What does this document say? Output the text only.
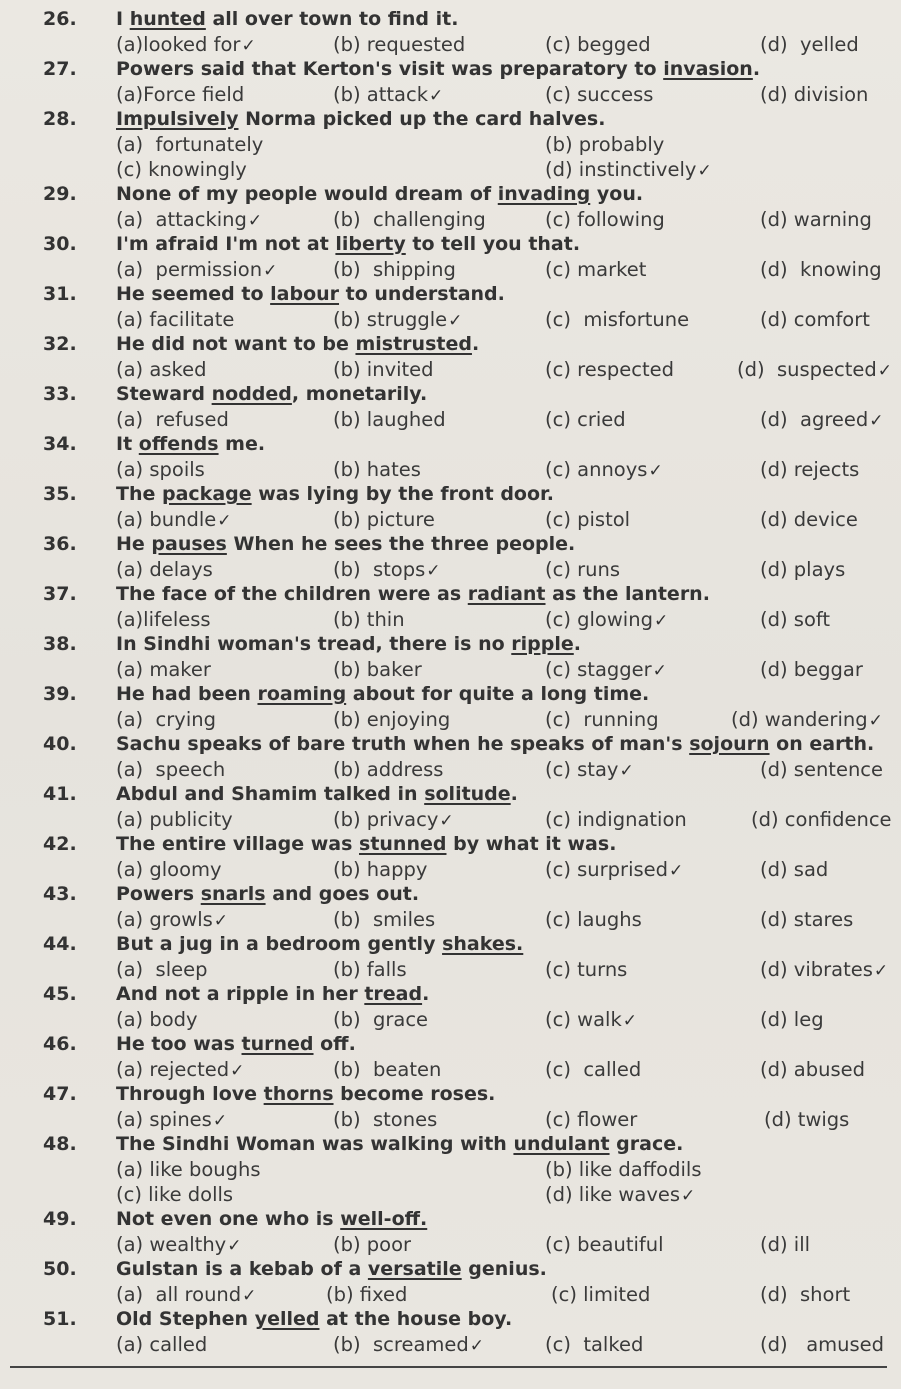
26. I hunted all over town to find it.
(a)looked for✓	(b) requested	(c) begged	(d)  yelled
27. Powers said that Kerton's visit was preparatory to invasion.
(a)Force field	(b) attack✓	(c) success	(d) division
28. Impulsively Norma picked up the card halves.
(a)  fortunately	(b) probably
(c) knowingly	(d) instinctively✓
29. None of my people would dream of invading you.
(a)  attacking✓	(b)  challenging	(c) following	(d) warning
30. I'm afraid I'm not at liberty to tell you that.
(a)  permission✓	(b)  shipping	(c) market	(d)  knowing
31. He seemed to labour to understand.
(a) facilitate	(b) struggle✓	(c)  misfortune	(d) comfort
32. He did not want to be mistrusted.
(a) asked	(b) invited	(c) respected	(d)  suspected✓
33. Steward nodded, monetarily.
(a)  refused	(b) laughed	(c) cried	(d)  agreed✓
34. It offends me.
(a) spoils	(b) hates	(c) annoys✓	(d) rejects
35. The package was lying by the front door.
(a) bundle✓	(b) picture	(c) pistol	(d) device
36. He pauses When he sees the three people.
(a) delays	(b)  stops✓	(c) runs	(d) plays
37. The face of the children were as radiant as the lantern.
(a)lifeless	(b) thin	(c) glowing✓	(d) soft
38. In Sindhi woman's tread, there is no ripple.
(a) maker	(b) baker	(c) stagger✓	(d) beggar
39. He had been roaming about for quite a long time.
(a)  crying	(b) enjoying	(c)  running	(d) wandering✓
40. Sachu speaks of bare truth when he speaks of man's sojourn on earth.
(a)  speech	(b) address	(c) stay✓	(d) sentence
41. Abdul and Shamim talked in solitude.
(a) publicity	(b) privacy✓	(c) indignation	(d) confidence
42. The entire village was stunned by what it was.
(a) gloomy	(b) happy	(c) surprised✓	(d) sad
43. Powers snarls and goes out.
(a) growls✓	(b)  smiles	(c) laughs	(d) stares
44. But a jug in a bedroom gently shakes.
(a)  sleep	(b) falls	(c) turns	(d) vibrates✓
45. And not a ripple in her tread.
(a) body	(b)  grace	(c) walk✓	(d) leg
46. He too was turned off.
(a) rejected✓	(b)  beaten	(c)  called	(d) abused
47. Through love thorns become roses.
(a) spines✓	(b)  stones	(c) flower	(d) twigs
48. The Sindhi Woman was walking with undulant grace.
(a) like boughs	(b) like daffodils
(c) like dolls	(d) like waves✓
49. Not even one who is well-off.
(a) wealthy✓	(b) poor	(c) beautiful	(d) ill
50. Gulstan is a kebab of a versatile genius.
(a)  all round✓	(b) fixed	(c) limited	(d)  short
51. Old Stephen yelled at the house boy.
(a) called	(b)  screamed✓	(c)  talked	(d)   amused
